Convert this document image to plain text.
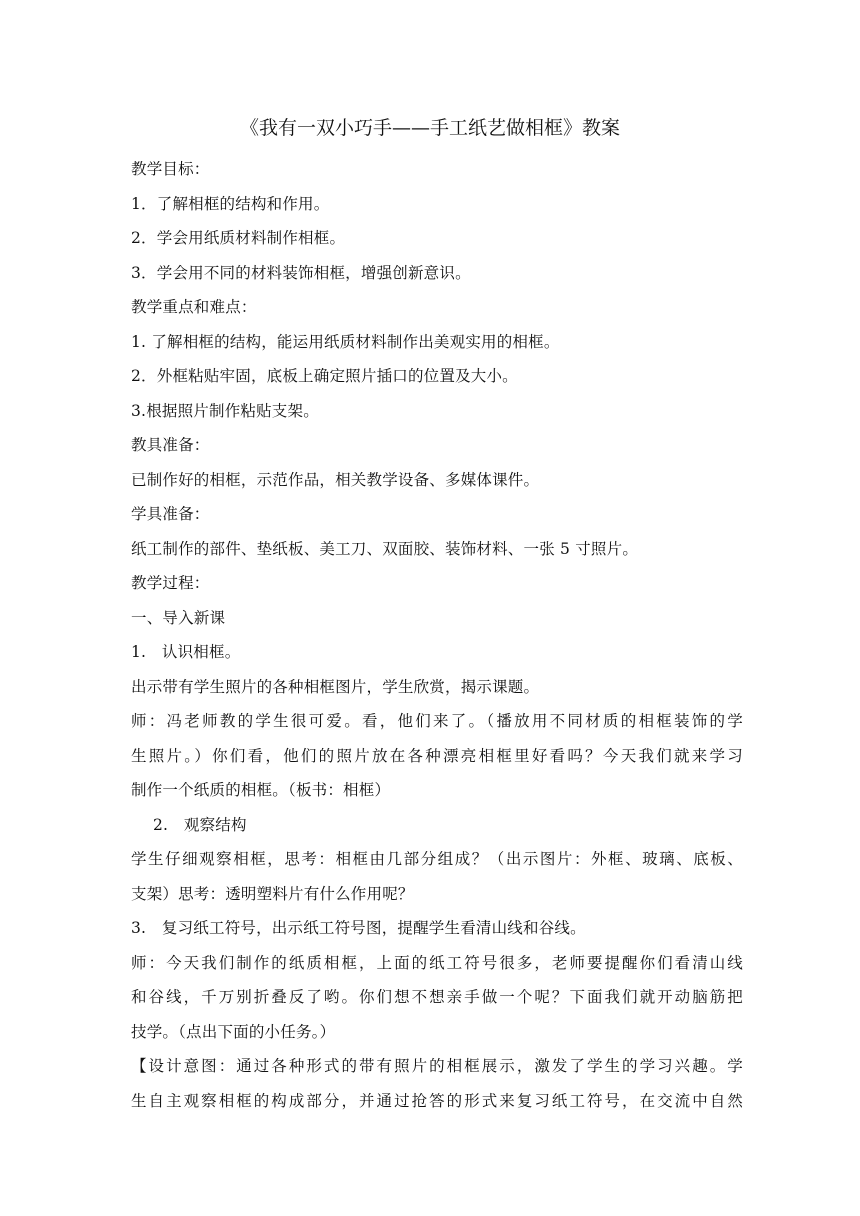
《我有一双小巧手——手工纸艺做相框》教案
教学目标：
1．了解相框的结构和作用。
2．学会用纸质材料制作相框。
3．学会用不同的材料装饰相框，增强创新意识。
教学重点和难点：
1. 了解相框的结构，能运用纸质材料制作出美观实用的相框。
2．外框粘贴牢固，底板上确定照片插口的位置及大小。
3.根据照片制作粘贴支架。
教具准备：
已制作好的相框，示范作品，相关教学设备、多媒体课件。
学具准备：
纸工制作的部件、垫纸板、美工刀、双面胶、装饰材料、一张 5 寸照片。
教学过程：
一、导入新课
1.　认识相框。
出示带有学生照片的各种相框图片，学生欣赏，揭示课题。
师：冯老师教的学生很可爱。看，他们来了。（播放用不同材质的相框装饰的学
生照片。）你们看，他们的照片放在各种漂亮相框里好看吗？今天我们就来学习
制作一个纸质的相框。（板书：相框）
2.　观察结构
学生仔细观察相框，思考：相框由几部分组成？（出示图片：外框、玻璃、底板、
支架）思考：透明塑料片有什么作用呢？
3.　复习纸工符号，出示纸工符号图，提醒学生看清山线和谷线。
师：今天我们制作的纸质相框，上面的纸工符号很多，老师要提醒你们看清山线
和谷线，千万别折叠反了哟。你们想不想亲手做一个呢？下面我们就开动脑筋把
技学。（点出下面的小任务。）
【设计意图：通过各种形式的带有照片的相框展示，激发了学生的学习兴趣。学
生自主观察相框的构成部分，并通过抢答的形式来复习纸工符号，在交流中自然
